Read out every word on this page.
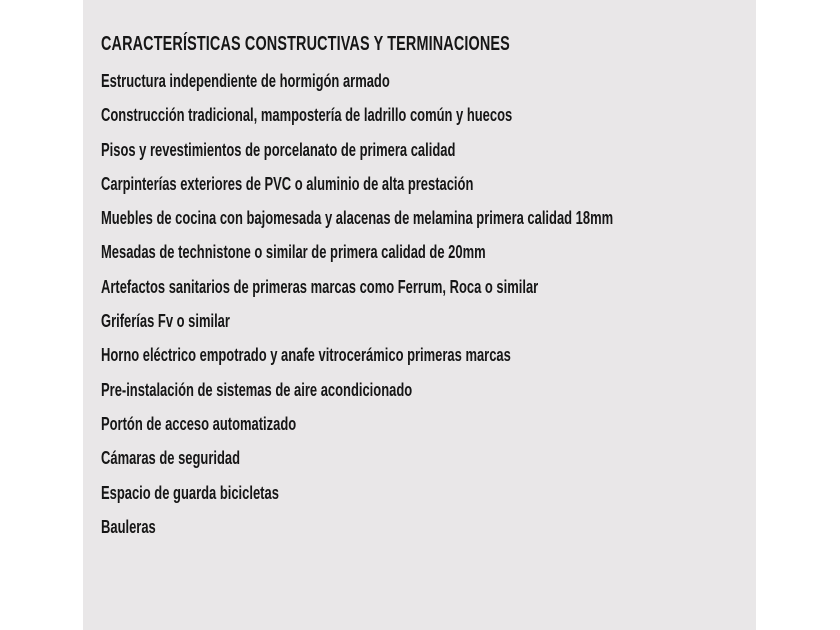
CARACTERÍSTICAS CONSTRUCTIVAS Y TERMINACIONES
Estructura independiente de hormigón armado
Construcción tradicional, mampostería de ladrillo común y huecos
Pisos y revestimientos de porcelanato de primera calidad
Carpinterías exteriores de PVC o aluminio de alta prestación
Muebles de cocina con bajomesada y alacenas de melamina primera calidad 18mm
Mesadas de technistone o similar de primera calidad de 20mm
Artefactos sanitarios de primeras marcas como Ferrum, Roca o similar
Griferías Fv o similar
Horno eléctrico empotrado y anafe vitrocerámico primeras marcas
Pre-instalación de sistemas de aire acondicionado
Portón de acceso automatizado
Cámaras de seguridad
Espacio de guarda bicicletas
Bauleras
